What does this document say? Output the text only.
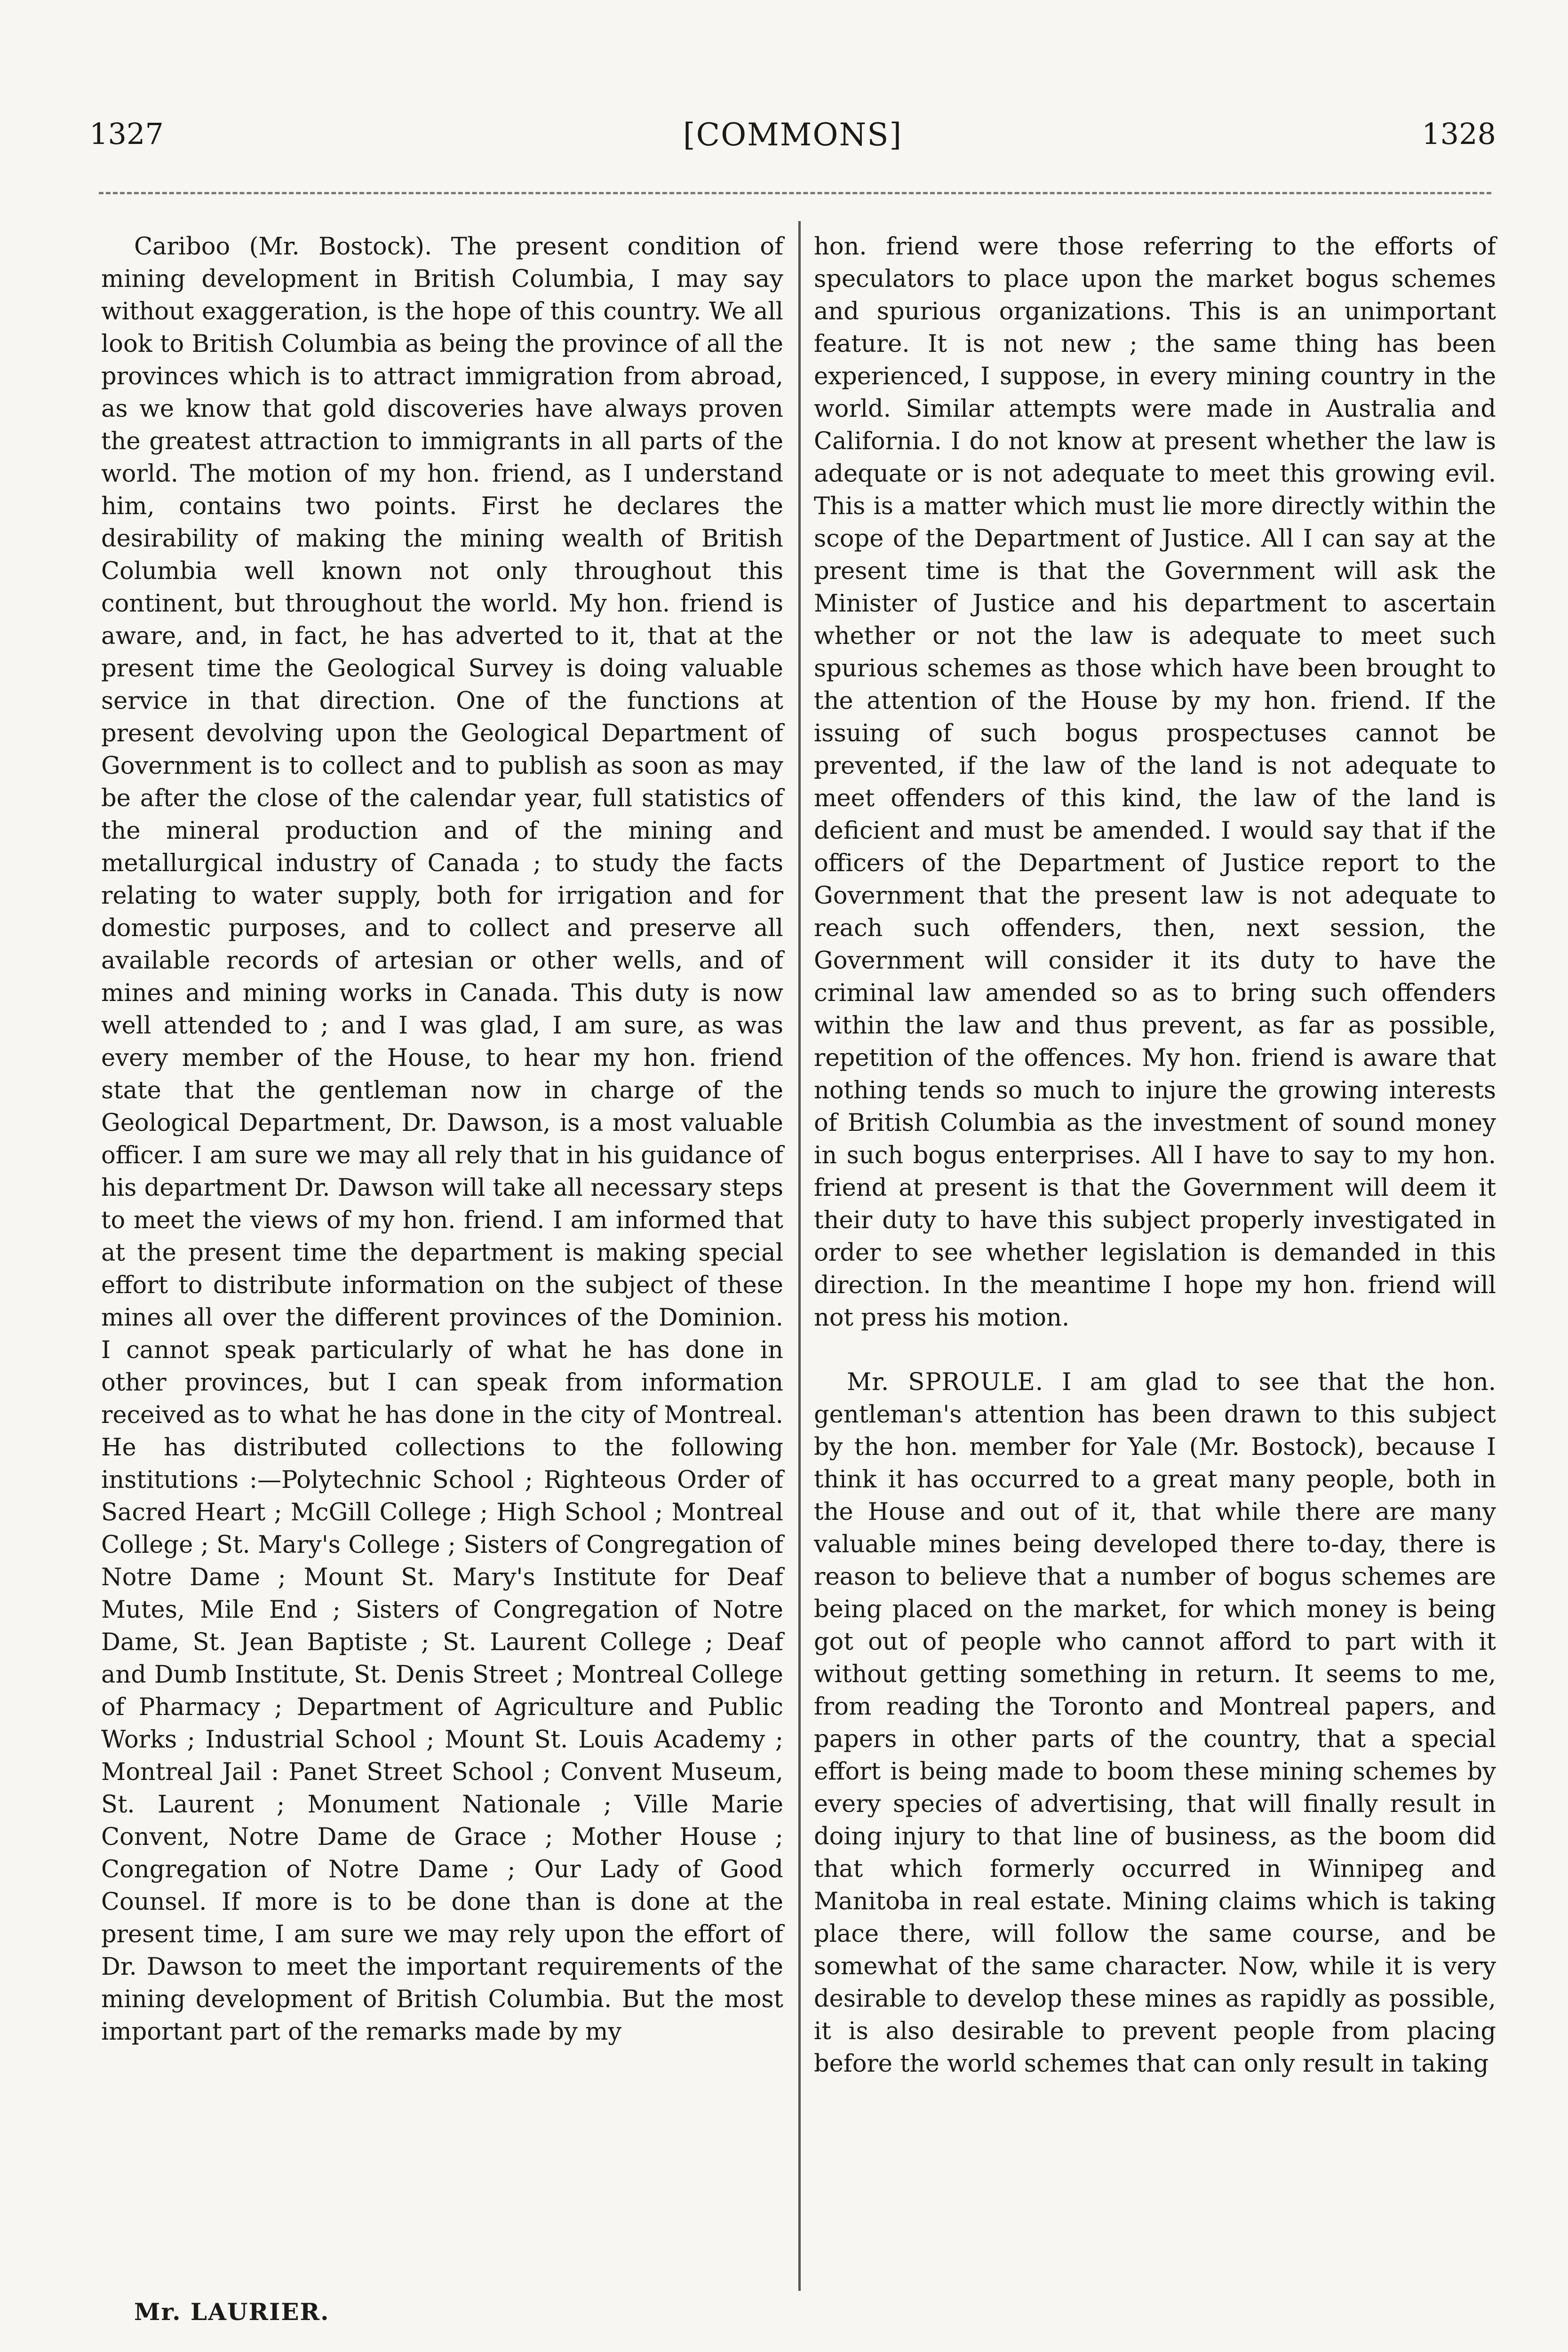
1327	[COMMONS]	1328

Cariboo (Mr. Bostock). The present condition of mining development in British Columbia, I may say without exaggeration, is the hope of this country. We all look to British Columbia as being the province of all the provinces which is to attract immigration from abroad, as we know that gold discoveries have always proven the greatest attraction to immigrants in all parts of the world. The motion of my hon. friend, as I understand him, contains two points. First he declares the desirability of making the mining wealth of British Columbia well known not only throughout this continent, but throughout the world. My hon. friend is aware, and, in fact, he has adverted to it, that at the present time the Geological Survey is doing valuable service in that direction. One of the functions at present devolving upon the Geological Department of Government is to collect and to publish as soon as may be after the close of the calendar year, full statistics of the mineral production and of the mining and metallurgical industry of Canada ; to study the facts relating to water supply, both for irrigation and for domestic purposes, and to collect and preserve all available records of artesian or other wells, and of mines and mining works in Canada. This duty is now well attended to ; and I was glad, I am sure, as was every member of the House, to hear my hon. friend state that the gentleman now in charge of the Geological Department, Dr. Dawson, is a most valuable officer. I am sure we may all rely that in his guidance of his department Dr. Dawson will take all necessary steps to meet the views of my hon. friend. I am informed that at the present time the department is making special effort to distribute information on the subject of these mines all over the different provinces of the Dominion. I cannot speak particularly of what he has done in other provinces, but I can speak from information received as to what he has done in the city of Montreal. He has distributed collections to the following institutions :—Polytechnic School ; Righteous Order of Sacred Heart ; McGill College ; High School ; Montreal College ; St. Mary's College ; Sisters of Congregation of Notre Dame ; Mount St. Mary's Institute for Deaf Mutes, Mile End ; Sisters of Congregation of Notre Dame, St. Jean Baptiste ; St. Laurent College ; Deaf and Dumb Institute, St. Denis Street ; Montreal College of Pharmacy ; Department of Agriculture and Public Works ; Industrial School ; Mount St. Louis Academy ; Montreal Jail : Panet Street School ; Convent Museum, St. Laurent ; Monument Nationale ; Ville Marie Convent, Notre Dame de Grace ; Mother House ; Congregation of Notre Dame ; Our Lady of Good Counsel. If more is to be done than is done at the present time, I am sure we may rely upon the effort of Dr. Dawson to meet the important requirements of the mining development of British Columbia. But the most important part of the remarks made by my

hon. friend were those referring to the efforts of speculators to place upon the market bogus schemes and spurious organizations. This is an unimportant feature. It is not new ; the same thing has been experienced, I suppose, in every mining country in the world. Similar attempts were made in Australia and California. I do not know at present whether the law is adequate or is not adequate to meet this growing evil. This is a matter which must lie more directly within the scope of the Department of Justice. All I can say at the present time is that the Government will ask the Minister of Justice and his department to ascertain whether or not the law is adequate to meet such spurious schemes as those which have been brought to the attention of the House by my hon. friend. If the issuing of such bogus prospectuses cannot be prevented, if the law of the land is not adequate to meet offenders of this kind, the law of the land is deficient and must be amended. I would say that if the officers of the Department of Justice report to the Government that the present law is not adequate to reach such offenders, then, next session, the Government will consider it its duty to have the criminal law amended so as to bring such offenders within the law and thus prevent, as far as possible, repetition of the offences. My hon. friend is aware that nothing tends so much to injure the growing interests of British Columbia as the investment of sound money in such bogus enterprises. All I have to say to my hon. friend at present is that the Government will deem it their duty to have this subject properly investigated in order to see whether legislation is demanded in this direction. In the meantime I hope my hon. friend will not press his motion.

Mr. SPROULE. I am glad to see that the hon. gentleman's attention has been drawn to this subject by the hon. member for Yale (Mr. Bostock), because I think it has occurred to a great many people, both in the House and out of it, that while there are many valuable mines being developed there to-day, there is reason to believe that a number of bogus schemes are being placed on the market, for which money is being got out of people who cannot afford to part with it without getting something in return. It seems to me, from reading the Toronto and Montreal papers, and papers in other parts of the country, that a special effort is being made to boom these mining schemes by every species of advertising, that will finally result in doing injury to that line of business, as the boom did that which formerly occurred in Winnipeg and Manitoba in real estate. Mining claims which is taking place there, will follow the same course, and be somewhat of the same character. Now, while it is very desirable to develop these mines as rapidly as possible, it is also desirable to prevent people from placing before the world schemes that can only result in taking

Mr. LAURIER.
